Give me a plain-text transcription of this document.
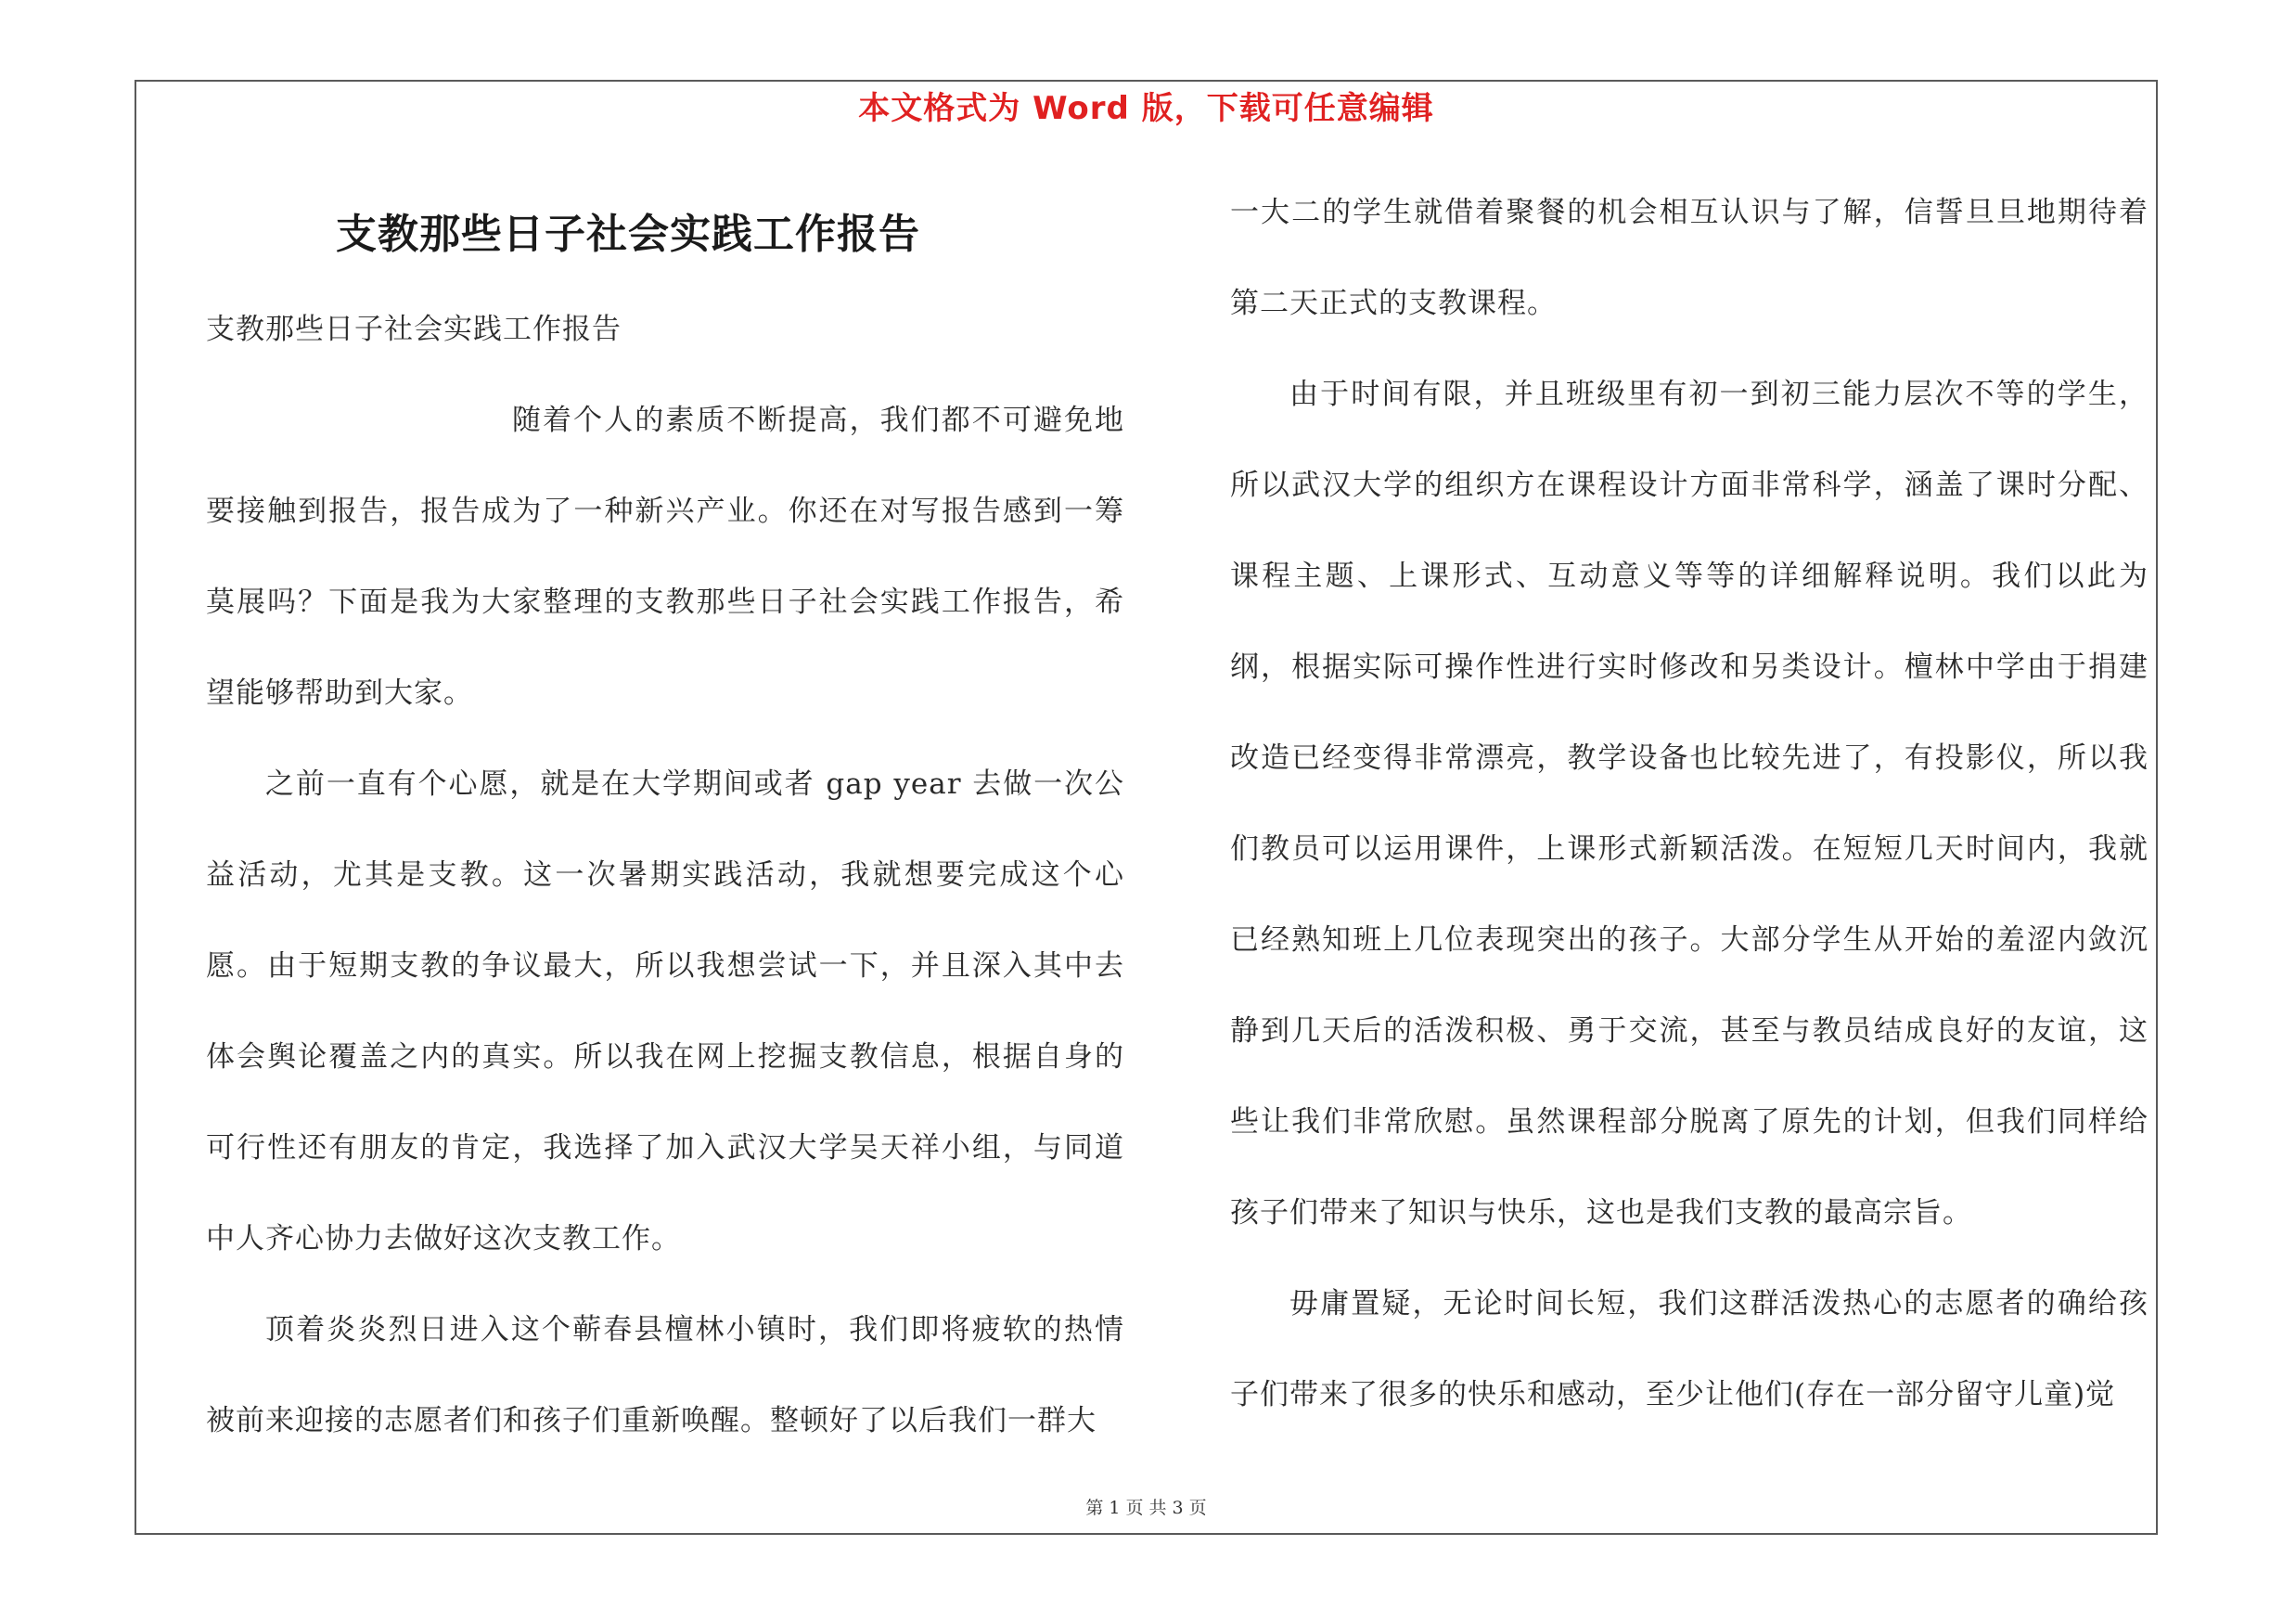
本文格式为 Word 版，下载可任意编辑
支教那些日子社会实践工作报告

支教那些日子社会实践工作报告

随着个人的素质不断提高，我们都不可避免地要接触到报告，报告成为了一种新兴产业。你还在对写报告感到一筹莫展吗？下面是我为大家整理的支教那些日子社会实践工作报告，希望能够帮助到大家。

之前一直有个心愿，就是在大学期间或者 gap year 去做一次公益活动，尤其是支教。这一次暑期实践活动，我就想要完成这个心愿。由于短期支教的争议最大，所以我想尝试一下，并且深入其中去体会舆论覆盖之内的真实。所以我在网上挖掘支教信息，根据自身的可行性还有朋友的肯定，我选择了加入武汉大学吴天祥小组，与同道中人齐心协力去做好这次支教工作。

顶着炎炎烈日进入这个蕲春县檀林小镇时，我们即将疲软的热情被前来迎接的志愿者们和孩子们重新唤醒。整顿好了以后我们一群大

一大二的学生就借着聚餐的机会相互认识与了解，信誓旦旦地期待着第二天正式的支教课程。

由于时间有限，并且班级里有初一到初三能力层次不等的学生，所以武汉大学的组织方在课程设计方面非常科学，涵盖了课时分配、课程主题、上课形式、互动意义等等的详细解释说明。我们以此为纲，根据实际可操作性进行实时修改和另类设计。檀林中学由于捐建改造已经变得非常漂亮，教学设备也比较先进了，有投影仪，所以我们教员可以运用课件，上课形式新颖活泼。在短短几天时间内，我就已经熟知班上几位表现突出的孩子。大部分学生从开始的羞涩内敛沉静到几天后的活泼积极、勇于交流，甚至与教员结成良好的友谊，这些让我们非常欣慰。虽然课程部分脱离了原先的计划，但我们同样给孩子们带来了知识与快乐，这也是我们支教的最高宗旨。

毋庸置疑，无论时间长短，我们这群活泼热心的志愿者的确给孩子们带来了很多的快乐和感动，至少让他们(存在一部分留守儿童)觉

第 1 页 共 3 页
